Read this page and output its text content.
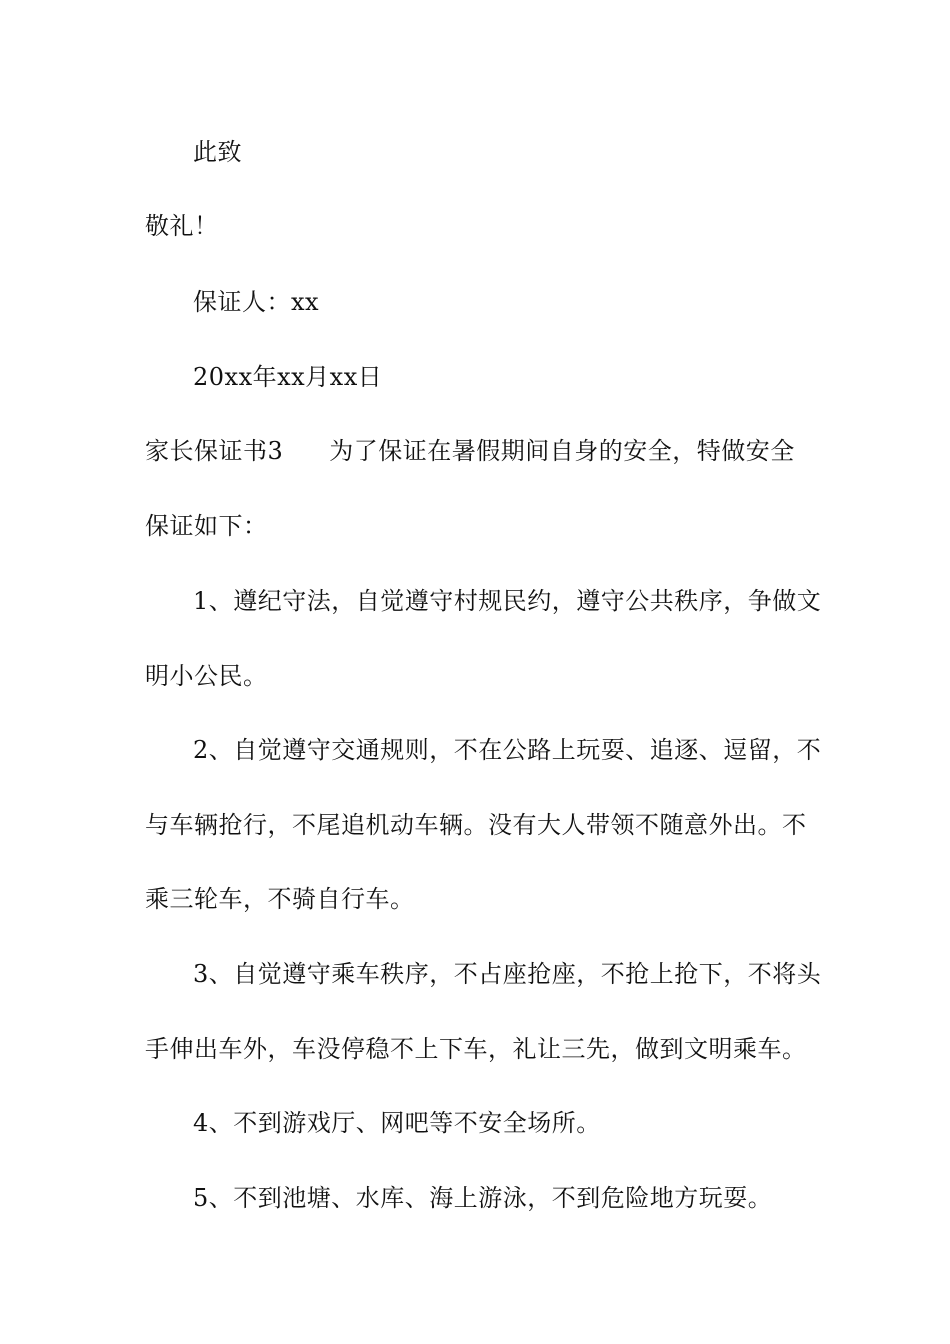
此致
敬礼！
保证人：xx
20xx年xx月xx日
家长保证书3 为了保证在暑假期间自身的安全，特做安全
保证如下：
1、遵纪守法，自觉遵守村规民约，遵守公共秩序，争做文
明小公民。
2、自觉遵守交通规则，不在公路上玩耍、追逐、逗留，不
与车辆抢行，不尾追机动车辆。没有大人带领不随意外出。不
乘三轮车，不骑自行车。
3、自觉遵守乘车秩序，不占座抢座，不抢上抢下，不将头
手伸出车外，车没停稳不上下车，礼让三先，做到文明乘车。
4、不到游戏厅、网吧等不安全场所。
5、不到池塘、水库、海上游泳，不到危险地方玩耍。
